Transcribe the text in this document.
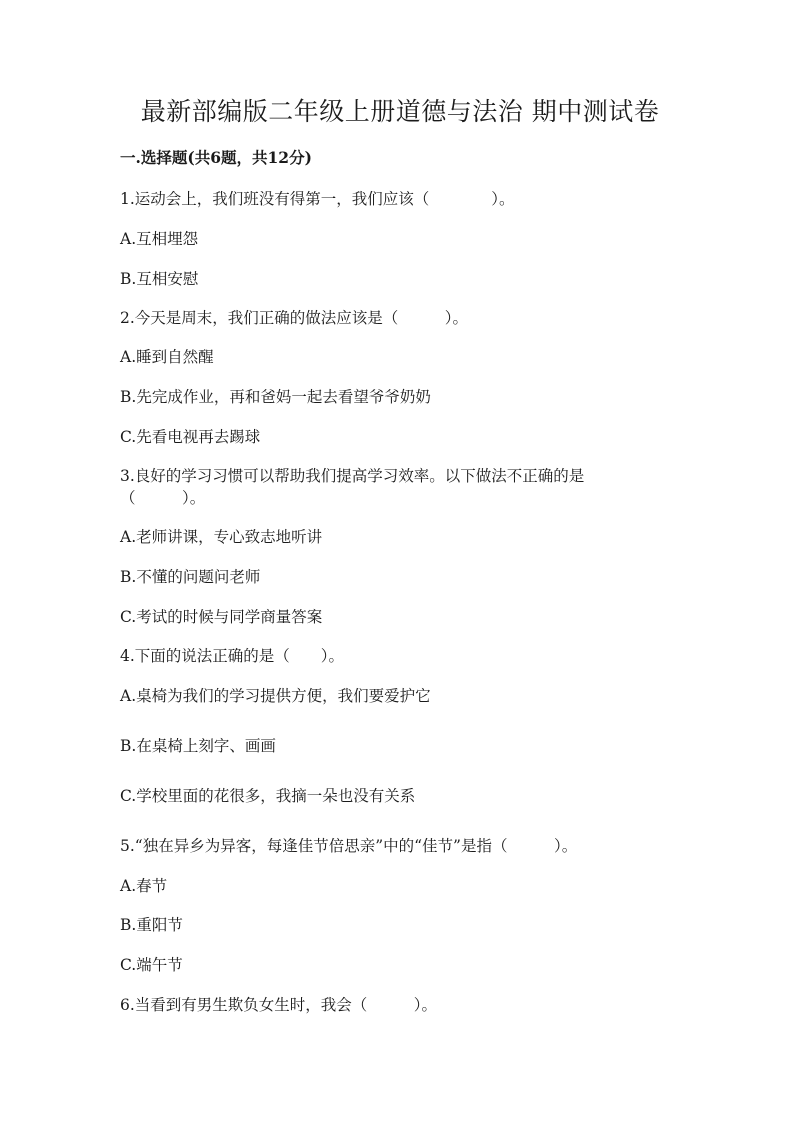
最新部编版二年级上册道德与法治 期中测试卷
一.选择题(共6题，共12分)

1.运动会上，我们班没有得第一，我们应该（　　　　）。

A.互相埋怨

B.互相安慰

2.今天是周末，我们正确的做法应该是（　　　）。

A.睡到自然醒

B.先完成作业，再和爸妈一起去看望爷爷奶奶

C.先看电视再去踢球

3.良好的学习习惯可以帮助我们提高学习效率。以下做法不正确的是（　　　）。

A.老师讲课，专心致志地听讲

B.不懂的问题问老师

C.考试的时候与同学商量答案

4.下面的说法正确的是（　　）。

A.桌椅为我们的学习提供方便，我们要爱护它

B.在桌椅上刻字、画画

C.学校里面的花很多，我摘一朵也没有关系

5.“独在异乡为异客，每逢佳节倍思亲”中的“佳节”是指（　　　）。

A.春节

B.重阳节

C.端午节

6.当看到有男生欺负女生时，我会（　　　）。
